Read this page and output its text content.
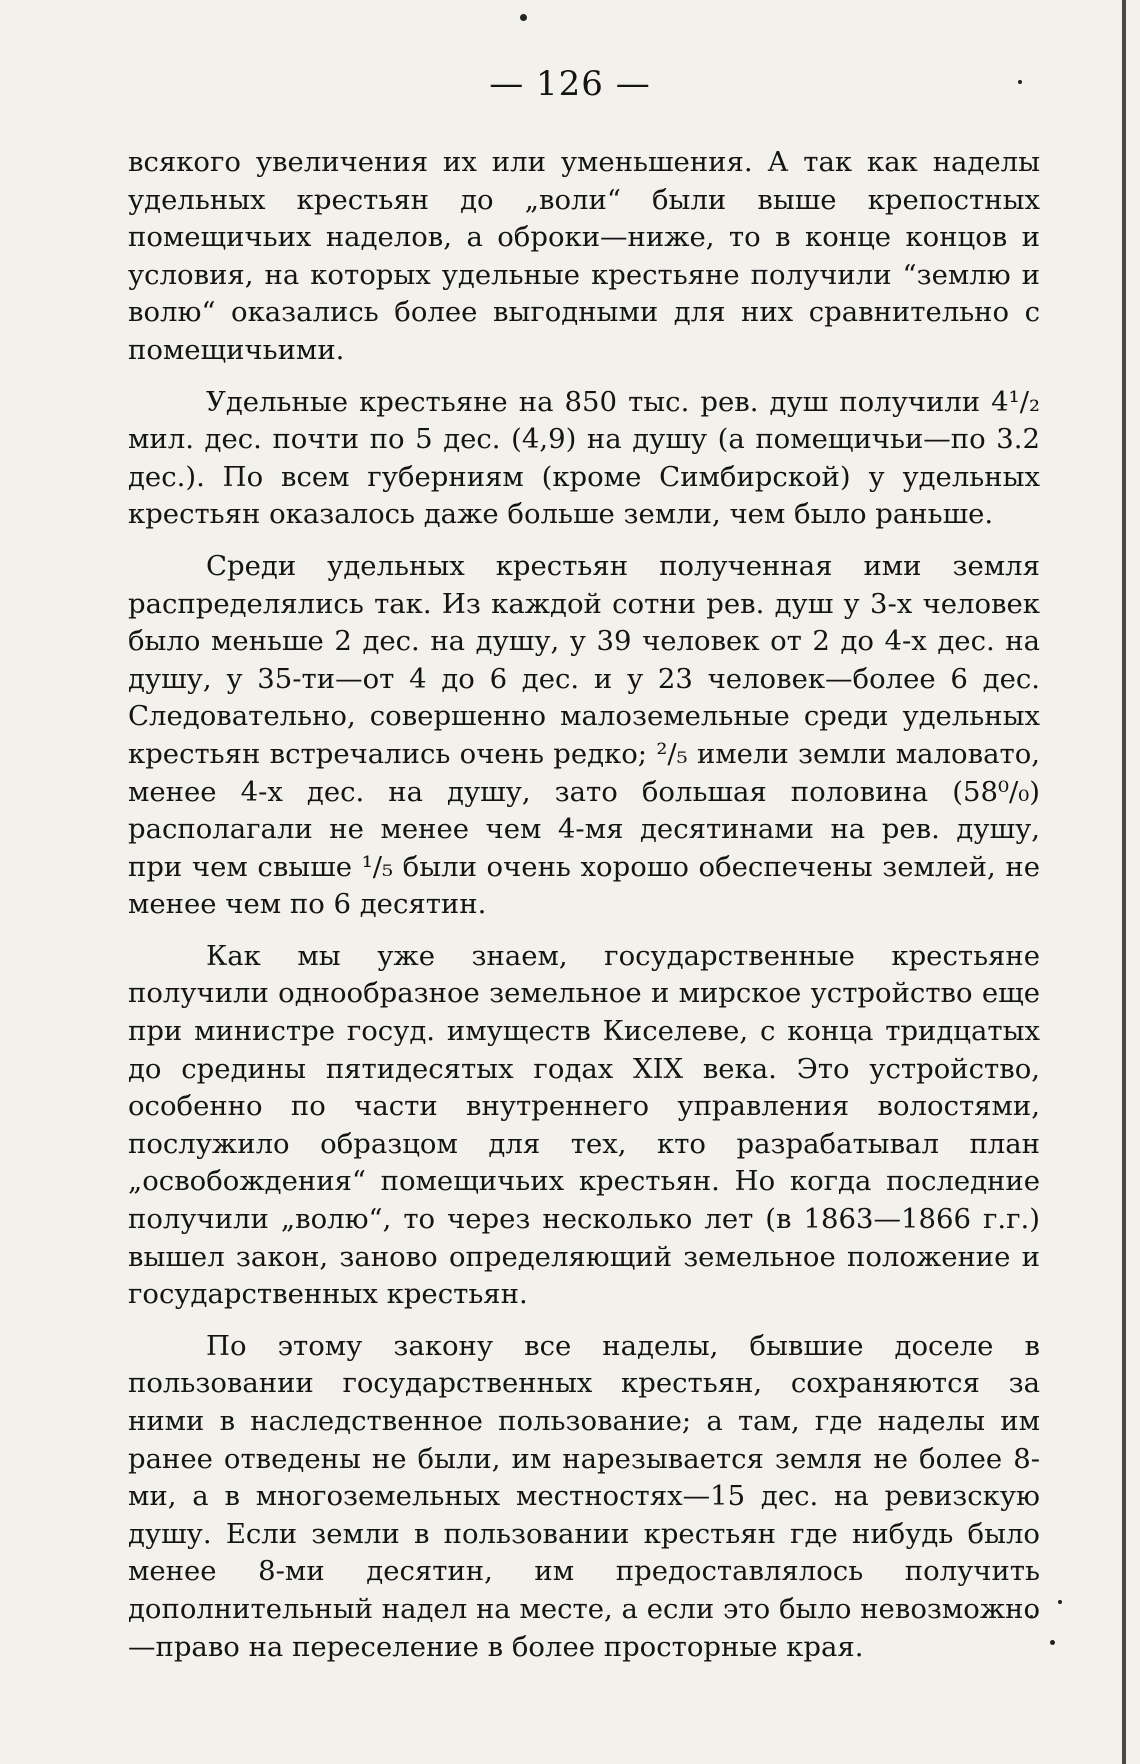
— 126 —

всякого увеличения их или уменьшения. А так как наделы удельных крестьян до „воли“ были выше крепостных помещичьих наделов, а оброки—ниже, то в конце концов и условия, на которых удельные крестьяне получили “землю и волю“ оказались более выгодными для них сравнительно с помещичьими.

Удельные крестьяне на 850 тыс. рев. душ получили 4¹/₂ мил. дес. почти по 5 дес. (4,9) на душу (а помещичьи—по 3.2 дес.). По всем губерниям (кроме Симбирской) у удельных крестьян оказалось даже больше земли, чем было раньше.

Среди удельных крестьян полученная ими земля распределялись так. Из каждой сотни рев. душ у 3-х человек было меньше 2 дес. на душу, у 39 человек от 2 до 4-х дес. на душу, у 35-ти—от 4 до 6 дес. и у 23 человек—более 6 дес. Следовательно, совершенно малоземельные среди удельных крестьян встречались очень редко; ²/₅ имели земли маловато, менее 4-х дес. на душу, зато большая половина (58⁰/₀) располагали не менее чем 4-мя десятинами на рев. душу, при чем свыше ¹/₅ были очень хорошо обеспечены землей, не менее чем по 6 десятин.

Как мы уже знаем, государственные крестьяне получили однообразное земельное и мирское устройство еще при министре госуд. имуществ Киселеве, с конца тридцатых до средины пятидесятых годах XIX века. Это устройство, особенно по части внутреннего управления волостями, послужило образцом для тех, кто разрабатывал план „освобождения“ помещичьих крестьян. Но когда последние получили „волю“, то через несколько лет (в 1863—1866 г.г.) вышел закон, заново определяющий земельное положение и государственных крестьян.

По этому закону все наделы, бывшие доселе в пользовании государственных крестьян, сохраняются за ними в наследственное пользование; а там, где наделы им ранее отведены не были, им нарезывается земля не более 8-ми, а в многоземельных местностях—15 дес. на ревизскую душу. Если земли в пользовании крестьян где нибудь было менее 8-ми десятин, им предоставлялось получить дополнительный надел на месте, а если это было невозможно—право на переселение в более просторные края.
